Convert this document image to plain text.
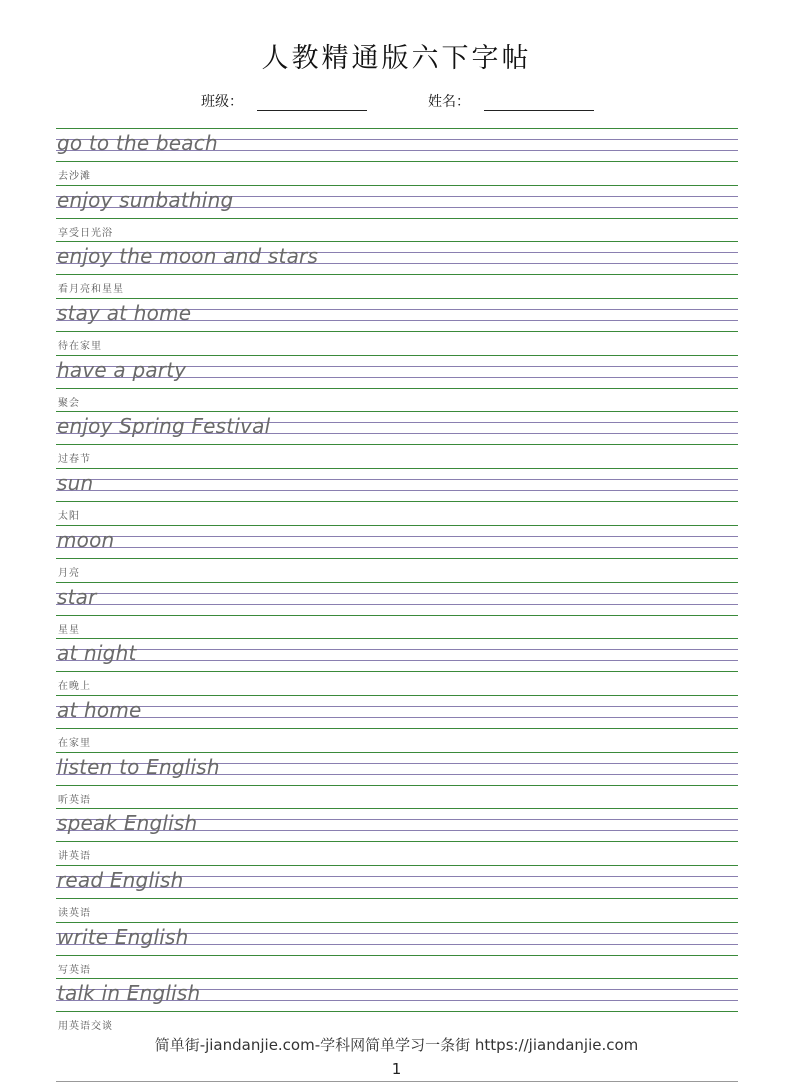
人教精通版六下字帖
班级：	姓名：
go to the beach
去沙滩
enjoy sunbathing
享受日光浴
enjoy the moon and stars
看月亮和星星
stay at home
待在家里
have a party
聚会
enjoy Spring Festival
过春节
sun
太阳
moon
月亮
star
星星
at night
在晚上
at home
在家里
listen to English
听英语
speak English
讲英语
read English
读英语
write English
写英语
talk in English
用英语交谈
简单街-jiandanjie.com-学科网简单学习一条街 https://jiandanjie.com
1
